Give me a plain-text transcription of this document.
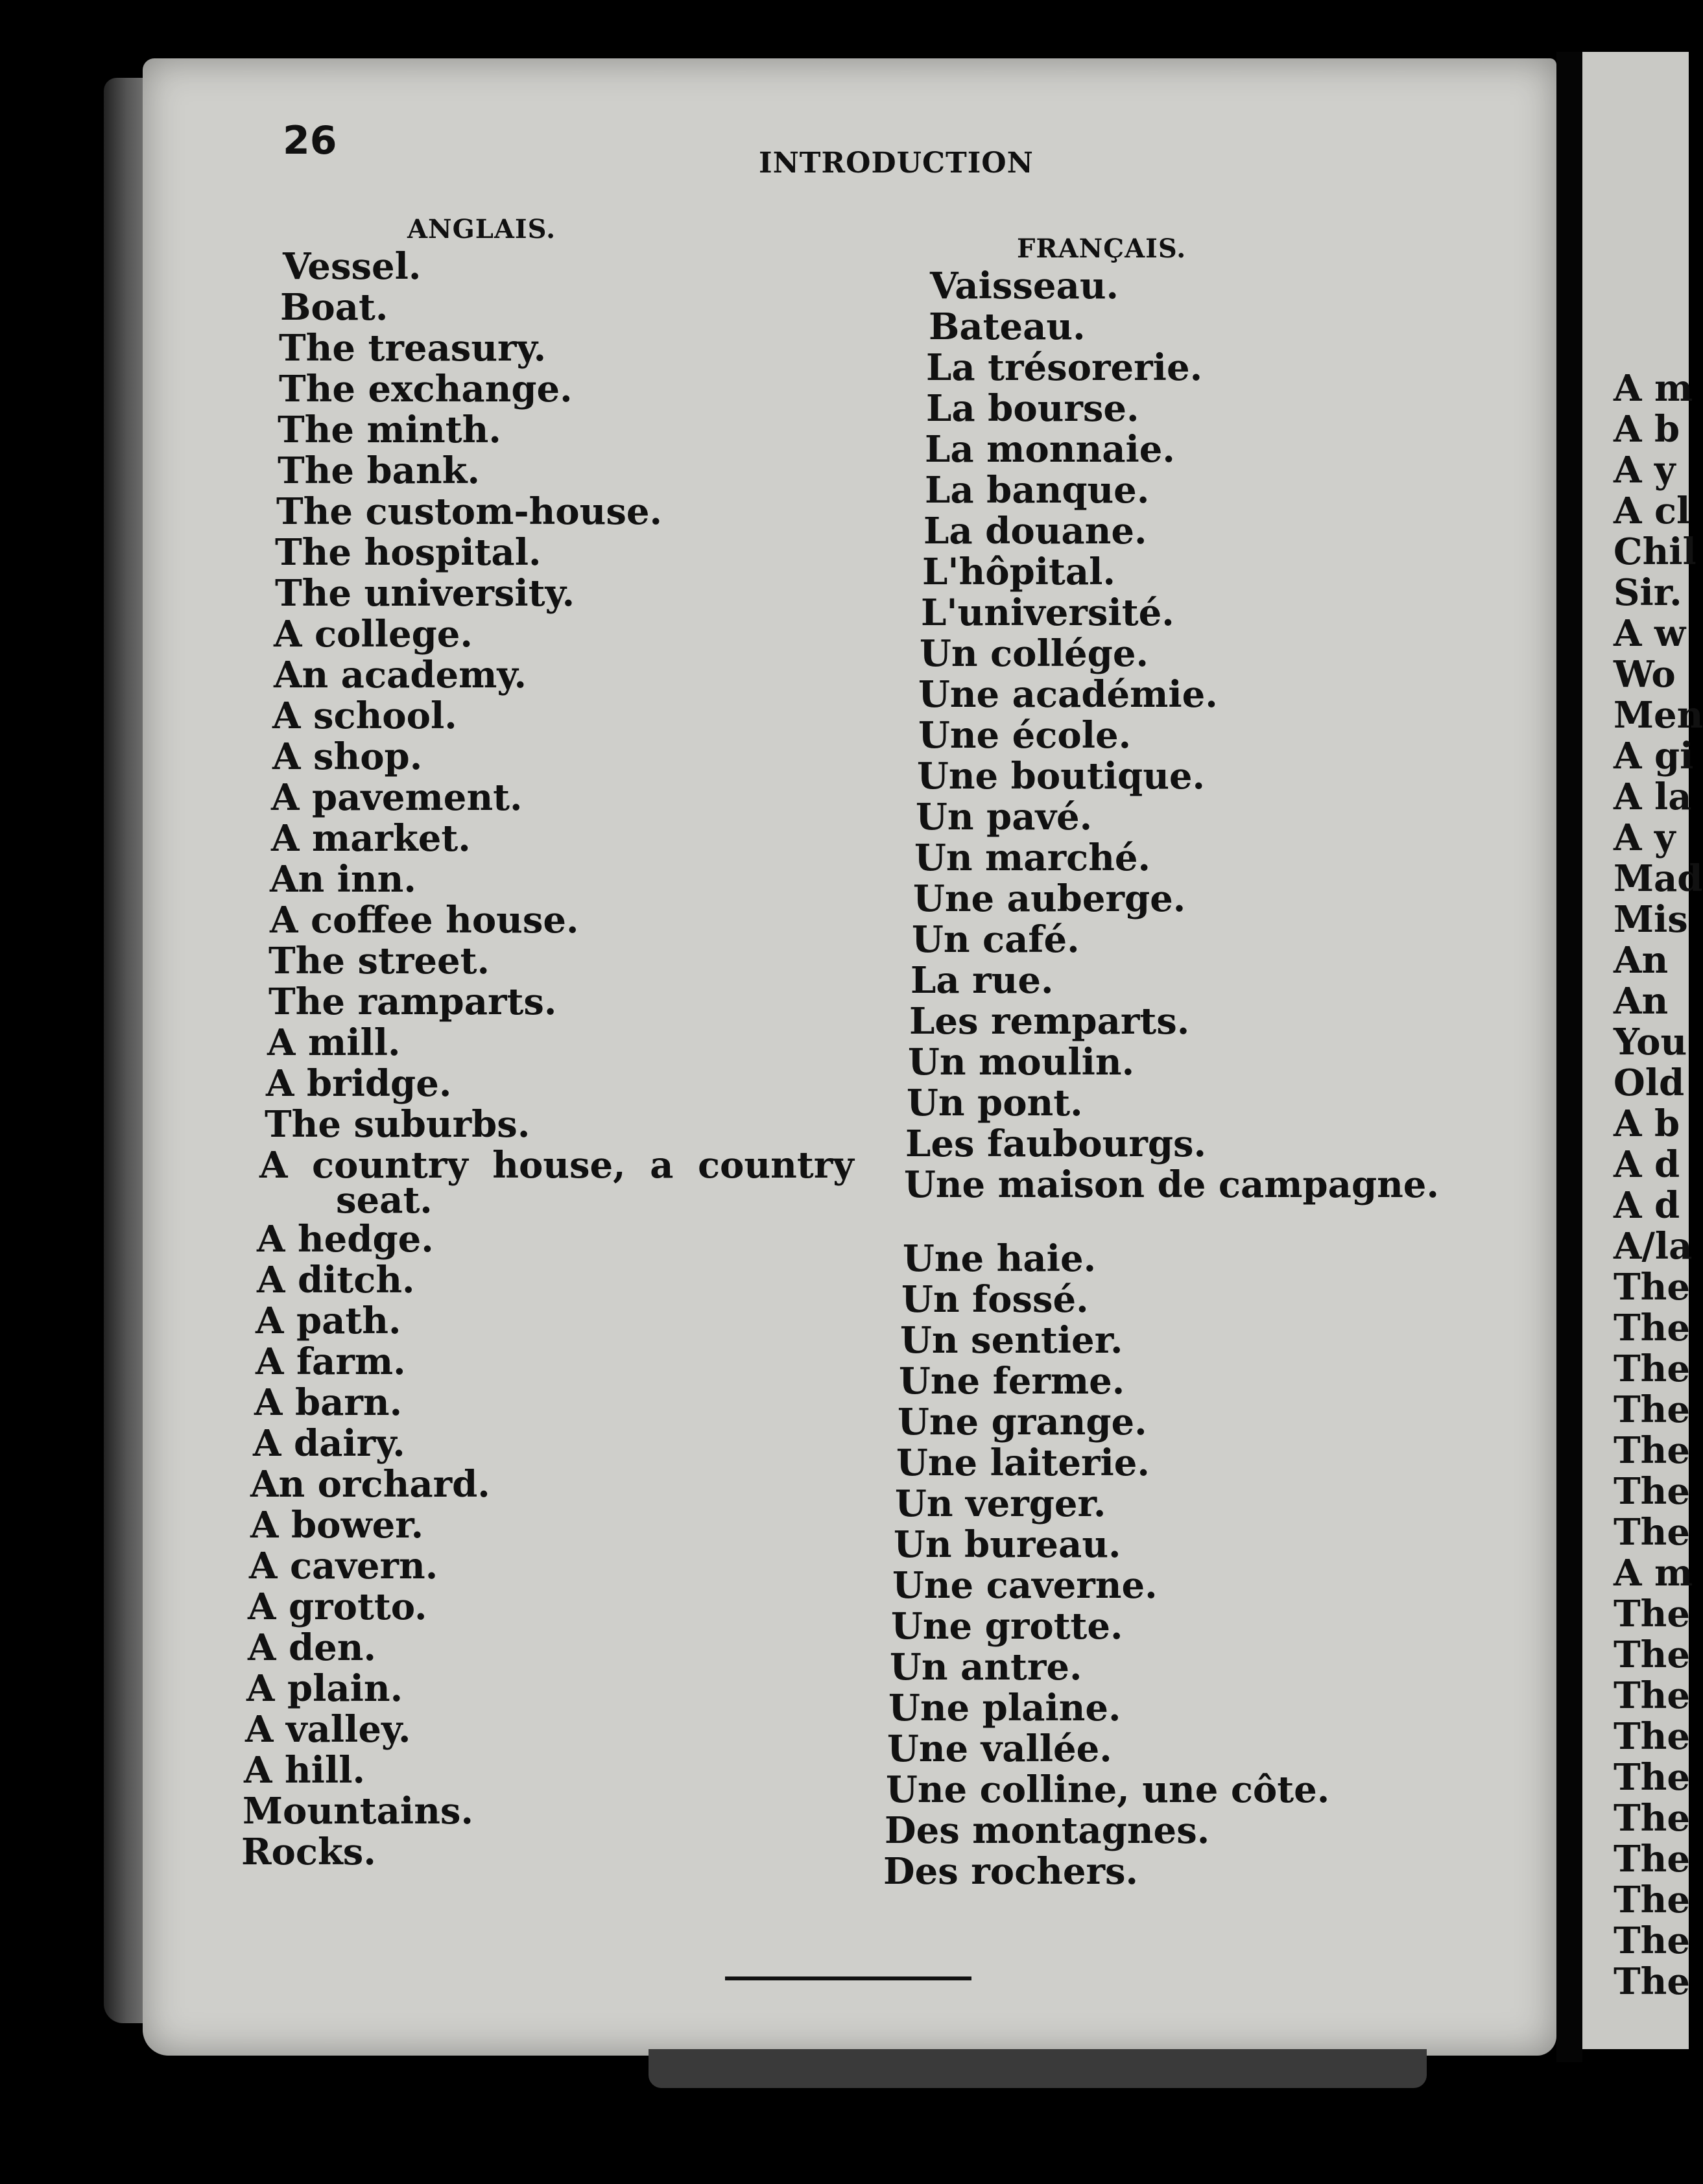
26	INTRODUCTION
ANGLAIS.
FRANÇAIS.
Vessel.
Boat.
The treasury.
The exchange.
The minth.
The bank.
The custom-house.
The hospital.
The university.
A college.
An academy.
A school.
A shop.
A pavement.
A market.
An inn.
A coffee house.
The street.
The ramparts.
A mill.
A bridge.
The suburbs.
A country house, a country
seat.
A hedge.
A ditch.
A path.
A farm.
A barn.
A dairy.
An orchard.
A bower.
A cavern.
A grotto.
A den.
A plain.
A valley.
A hill.
Mountains.
Rocks.
Vaisseau.
Bateau.
La trésorerie.
La bourse.
La monnaie.
La banque.
La douane.
L'hôpital.
L'université.
Un collége.
Une académie.
Une école.
Une boutique.
Un pavé.
Un marché.
Une auberge.
Un café.
La rue.
Les remparts.
Un moulin.
Un pont.
Les faubourgs.
Une maison de campagne.
Une haie.
Un fossé.
Un sentier.
Une ferme.
Une grange.
Une laiterie.
Un verger.
Un bureau.
Une caverne.
Une grotte.
Un antre.
Une plaine.
Une vallée.
Une colline, une côte.
Des montagnes.
Des rochers.
A m
A b
A y
A cl
Chil
Sir.
A w
Wo
Men
A gi
A la
A y
Mad
Mis
An
An
You
Old
A b
A d
A d
A/la
The
The
The
The
The
The
The
A m
The
The
The
The
The
The
The
The
The
The
